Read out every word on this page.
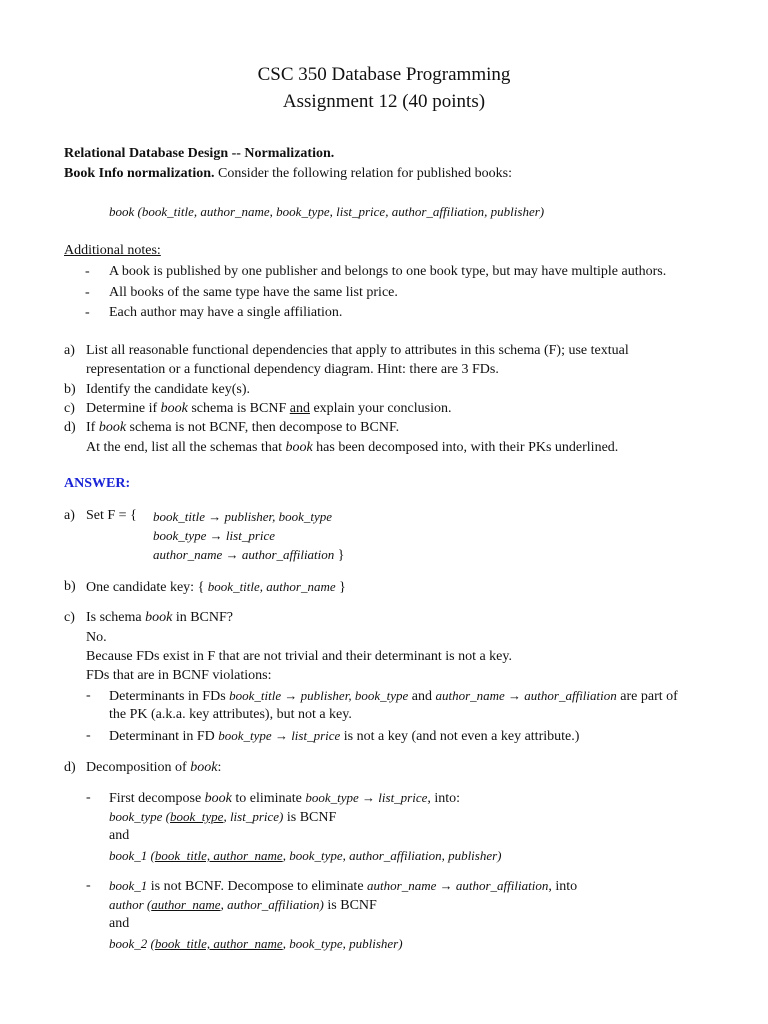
CSC 350 Database Programming
Assignment 12 (40 points)
Relational Database Design -- Normalization.
Book Info normalization. Consider the following relation for published books:
book (book_title, author_name, book_type, list_price, author_affiliation, publisher)
Additional notes:
- A book is published by one publisher and belongs to one book type, but may have multiple authors.
- All books of the same type have the same list price.
- Each author may have a single affiliation.
a) List all reasonable functional dependencies that apply to attributes in this schema (F); use textual
representation or a functional dependency diagram. Hint: there are 3 FDs.
b) Identify the candidate key(s).
c) Determine if book schema is BCNF and explain your conclusion.
d) If book schema is not BCNF, then decompose to BCNF.
At the end, list all the schemas that book has been decomposed into, with their PKs underlined.
ANSWER:
a) Set F = { book_title → publisher, book_type
book_type → list_price
author_name → author_affiliation }
b) One candidate key: { book_title, author_name }
c) Is schema book in BCNF?
No.
Because FDs exist in F that are not trivial and their determinant is not a key.
FDs that are in BCNF violations:
- Determinants in FDs book_title → publisher, book_type and author_name → author_affiliation are part of
the PK (a.k.a. key attributes), but not a key.
- Determinant in FD book_type → list_price is not a key (and not even a key attribute.)
d) Decomposition of book:
- First decompose book to eliminate book_type → list_price, into:
book_type (book_type, list_price) is BCNF
and
book_1 (book_title, author_name, book_type, author_affiliation, publisher)
- book_1 is not BCNF. Decompose to eliminate author_name → author_affiliation, into
author (author_name, author_affiliation) is BCNF
and
book_2 (book_title, author_name, book_type, publisher)
